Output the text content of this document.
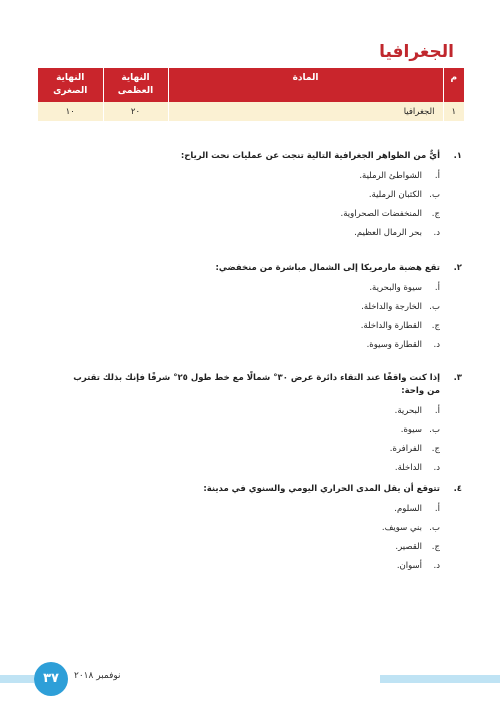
الجغرافيا
م	المادة	النهاية العظمى	النهاية الصغرى
١	الجغرافيا	٢٠	١٠
١.
أيٌّ من الظواهر الجغرافية التالية تنجت عن عمليات نحت الرياح:
أ.
الشواطئ الرملية.
ب.
الكثبان الرملية.
ج.
المنخفضات الصحراوية.
د.
بحر الرمال العظيم.
٢.
تقع هضبة مارمريكا إلى الشمال مباشرة من منخفضي:
أ.
سيوة والبحرية.
ب.
الخارجة والداخلة.
ج.
القطارة والداخلة.
د.
القطارة وسيوة.
٣.
إذا كنت واقفًا عند التقاء دائرة عرض ٣٠° شمالًا مع خط طول ٢٥° شرقًا فإنك بذلك تقترب من واحة:
أ.
البحرية.
ب.
سيوة.
ج.
الفرافرة.
د.
الداخلة.
٤.
تتوقع أن يقل المدى الحراري اليومي والسنوي في مدينة:
أ.
السلوم.
ب.
بني سويف.
ج.
القصير.
د.
أسوان.
٣٧	نوفمبر ٢٠١٨
